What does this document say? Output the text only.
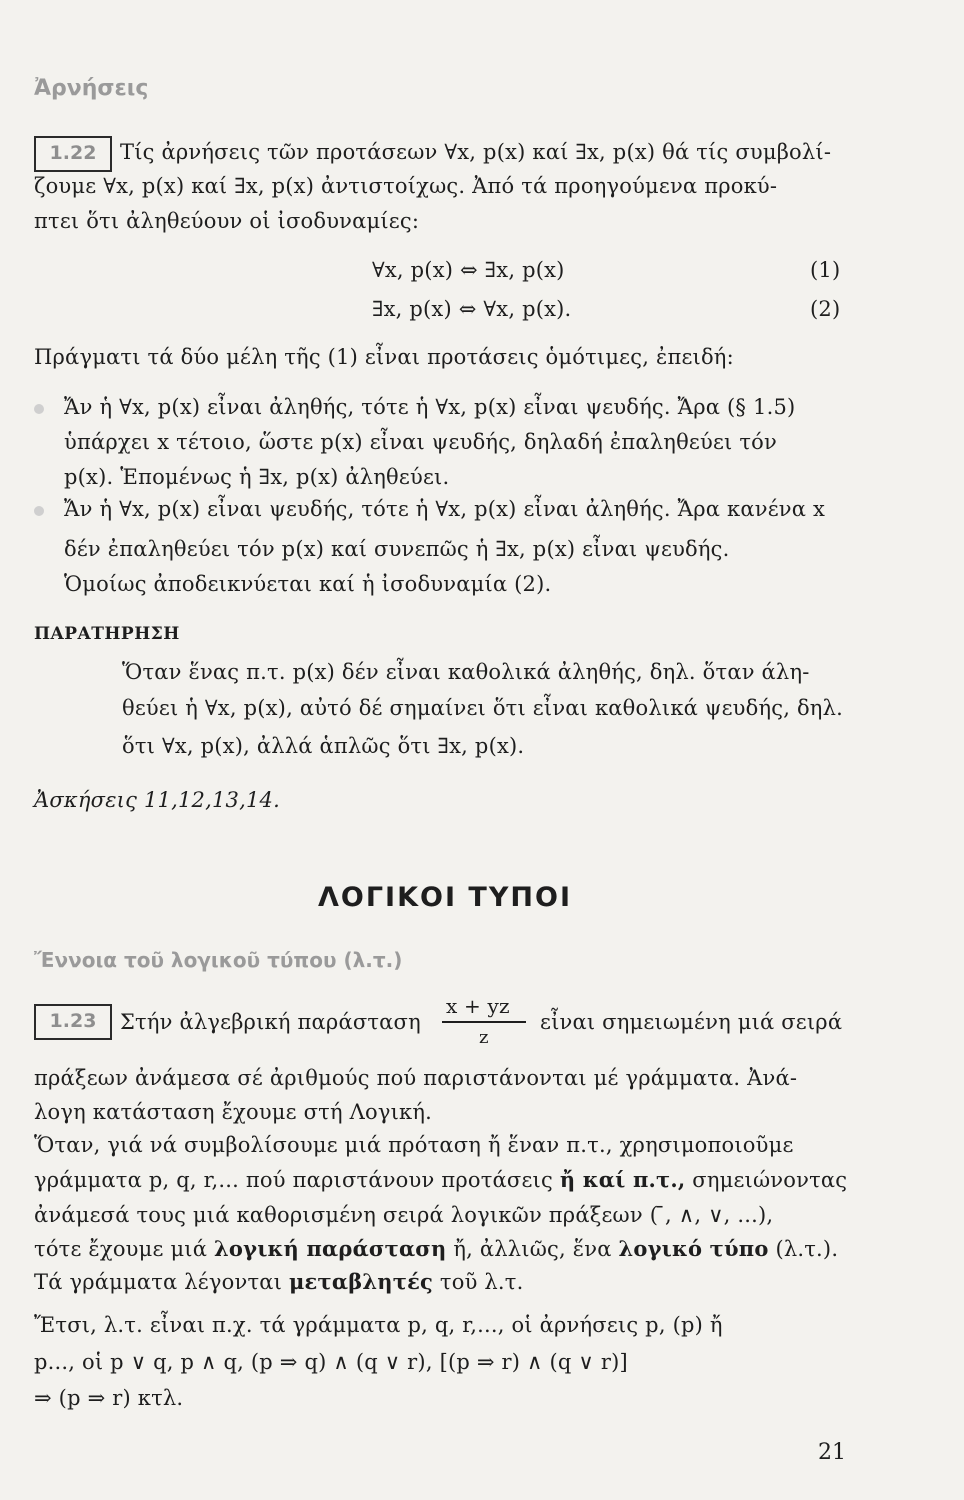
Ἀρνήσεις
1.22	Τίς ἀρνήσεις τῶν προτάσεων ∀x, p(x) καί ∃x, p(x) θά τίς συμβολί-
ζουμε ∀x, p(x) καί ∃x, p(x) ἀντιστοίχως. Ἀπό τά προηγούμενα προκύ-
πτει ὅτι ἀληθεύουν οἱ ἰσοδυναμίες:
∀x, p(x) ⇔ ∃x, p(x)	(1)
∃x, p(x) ⇔ ∀x, p(x).	(2)
Πράγματι τά δύο μέλη τῆς (1) εἶναι προτάσεις ὁμότιμες, ἐπειδή:
Ἄν ἡ ∀x, p(x) εἶναι ἀληθής, τότε ἡ ∀x, p(x) εἶναι ψευδής. Ἄρα (§ 1.5)
ὑπάρχει x τέτοιο, ὥστε p(x) εἶναι ψευδής, δηλαδή ἐπαληθεύει τόν
p(x). Ἑπομένως ἡ ∃x, p(x) ἀληθεύει.
Ἄν ἡ ∀x, p(x) εἶναι ψευδής, τότε ἡ ∀x, p(x) εἶναι ἀληθής. Ἄρα κανένα x
δέν ἐπαληθεύει τόν p(x) καί συνεπῶς ἡ ∃x, p(x) εἶναι ψευδής.
Ὁμοίως ἀποδεικνύεται καί ἡ ἰσοδυναμία (2).
ΠΑΡΑΤΗΡΗΣΗ
Ὅταν ἕνας π.τ. p(x) δέν εἶναι καθολικά ἀληθής, δηλ. ὅταν άλη-
θεύει ἡ ∀x, p(x), αὐτό δέ σημαίνει ὅτι εἶναι καθολικά ψευδής, δηλ.
ὅτι ∀x, p(x), ἀλλά ἁπλῶς ὅτι ∃x, p(x).
Ἀσκήσεις 11,12,13,14.
ΛΟΓΙΚΟΙ ΤΥΠΟΙ
Ἔννοια τοῦ λογικοῦ τύπου (λ.τ.)
1.23	Στήν ἀλγεβρική παράσταση
x + yz
z
εἶναι σημειωμένη μιά σειρά
πράξεων ἀνάμεσα σέ ἀριθμούς πού παριστάνονται μέ γράμματα. Ἀνά-
λογη κατάσταση ἔχουμε στή Λογική.
Ὅταν, γιά νά συμβολίσουμε μιά πρόταση ἤ ἕναν π.τ., χρησιμοποιοῦμε
γράμματα p, q, r,... πού παριστάνουν προτάσεις ἤ καί π.τ., σημειώνοντας
ἀνάμεσά τους μιά καθορισμένη σειρά λογικῶν πράξεων ( ̄, ∧, ∨, ...),
τότε ἔχουμε μιά λογική παράσταση ἤ, ἀλλιῶς, ἕνα λογικό τύπο (λ.τ.).
Τά γράμματα λέγονται μεταβλητές τοῦ λ.τ.
Ἔτσι, λ.τ. εἶναι π.χ. τά γράμματα p, q, r,..., οἱ ἀρνήσεις p, (p) ἤ
p..., οἱ p ∨ q, p ∧ q, (p ⇒ q) ∧ (q ∨ r), [(p ⇒ r) ∧ (q ∨ r)]
⇒ (p ⇒ r) κτλ.
21
